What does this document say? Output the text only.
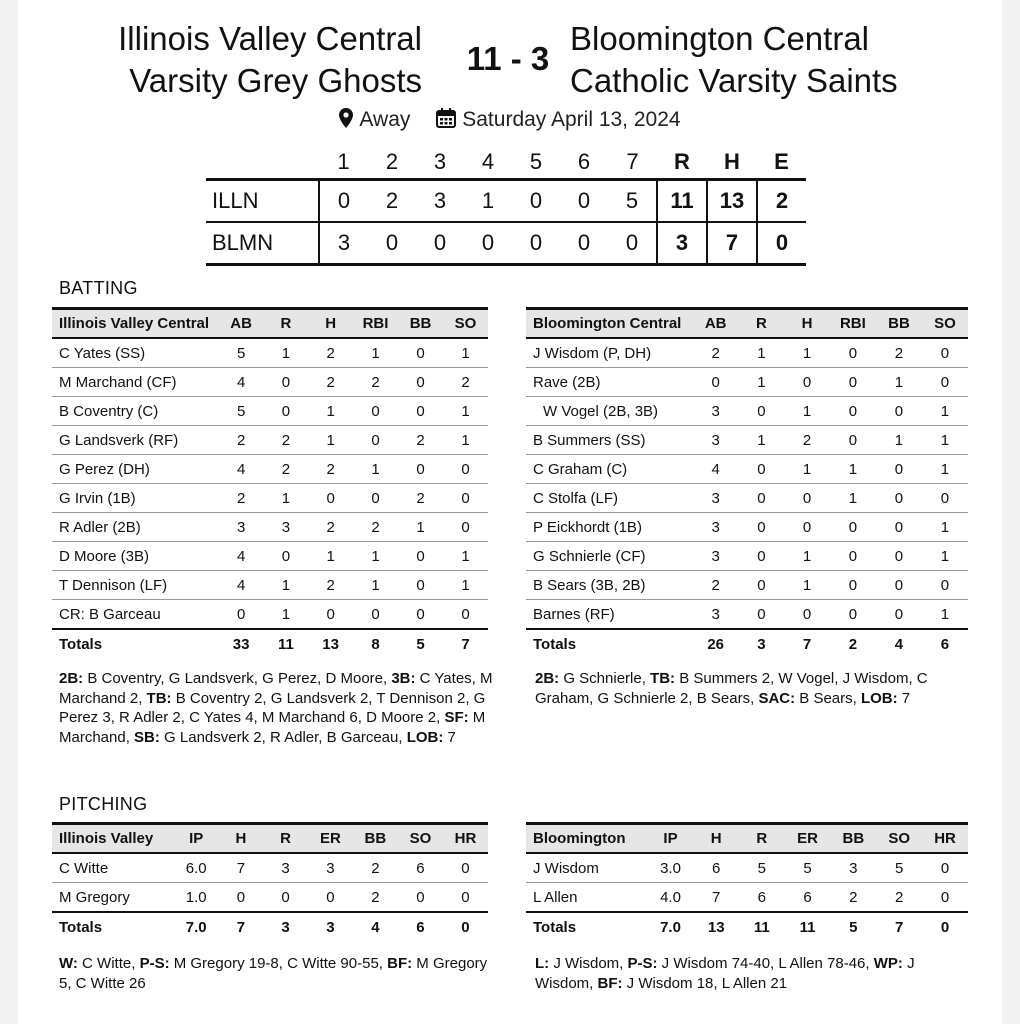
Illinois Valley Central
Varsity Grey Ghosts
11 - 3
Bloomington Central
Catholic Varsity Saints
Away Saturday April 13, 2024
	1	2	3	4	5	6	7	R	H	E
ILLN	0	2	3	1	0	0	5	11	13	2
BLMN	3	0	0	0	0	0	0	3	7	0
BATTING
Illinois Valley Central	AB	R	H	RBI	BB	SO
C Yates (SS)	5	1	2	1	0	1
M Marchand (CF)	4	0	2	2	0	2
B Coventry (C)	5	0	1	0	0	1
G Landsverk (RF)	2	2	1	0	2	1
G Perez (DH)	4	2	2	1	0	0
G Irvin (1B)	2	1	0	0	2	0
R Adler (2B)	3	3	2	2	1	0
D Moore (3B)	4	0	1	1	0	1
T Dennison (LF)	4	1	2	1	0	1
CR: B Garceau	0	1	0	0	0	0
Totals	33	11	13	8	5	7
Bloomington Central	AB	R	H	RBI	BB	SO
J Wisdom (P, DH)	2	1	1	0	2	0
Rave (2B)	0	1	0	0	1	0
W Vogel (2B, 3B)	3	0	1	0	0	1
B Summers (SS)	3	1	2	0	1	1
C Graham (C)	4	0	1	1	0	1
C Stolfa (LF)	3	0	0	1	0	0
P Eickhordt (1B)	3	0	0	0	0	1
G Schnierle (CF)	3	0	1	0	0	1
B Sears (3B, 2B)	2	0	1	0	0	0
Barnes (RF)	3	0	0	0	0	1
Totals	26	3	7	2	4	6
2B: B Coventry, G Landsverk, G Perez, D Moore, 3B: C Yates, M Marchand 2, TB: B Coventry 2, G Landsverk 2, T Dennison 2, G Perez 3, R Adler 2, C Yates 4, M Marchand 6, D Moore 2, SF: M Marchand, SB: G Landsverk 2, R Adler, B Garceau, LOB: 7
2B: G Schnierle, TB: B Summers 2, W Vogel, J Wisdom, C Graham, G Schnierle 2, B Sears, SAC: B Sears, LOB: 7
PITCHING
Illinois Valley	IP	H	R	ER	BB	SO	HR
C Witte	6.0	7	3	3	2	6	0
M Gregory	1.0	0	0	0	2	0	0
Totals	7.0	7	3	3	4	6	0
Bloomington	IP	H	R	ER	BB	SO	HR
J Wisdom	3.0	6	5	5	3	5	0
L Allen	4.0	7	6	6	2	2	0
Totals	7.0	13	11	11	5	7	0
W: C Witte, P-S: M Gregory 19-8, C Witte 90-55, BF: M Gregory 5, C Witte 26
L: J Wisdom, P-S: J Wisdom 74-40, L Allen 78-46, WP: J Wisdom, BF: J Wisdom 18, L Allen 21
